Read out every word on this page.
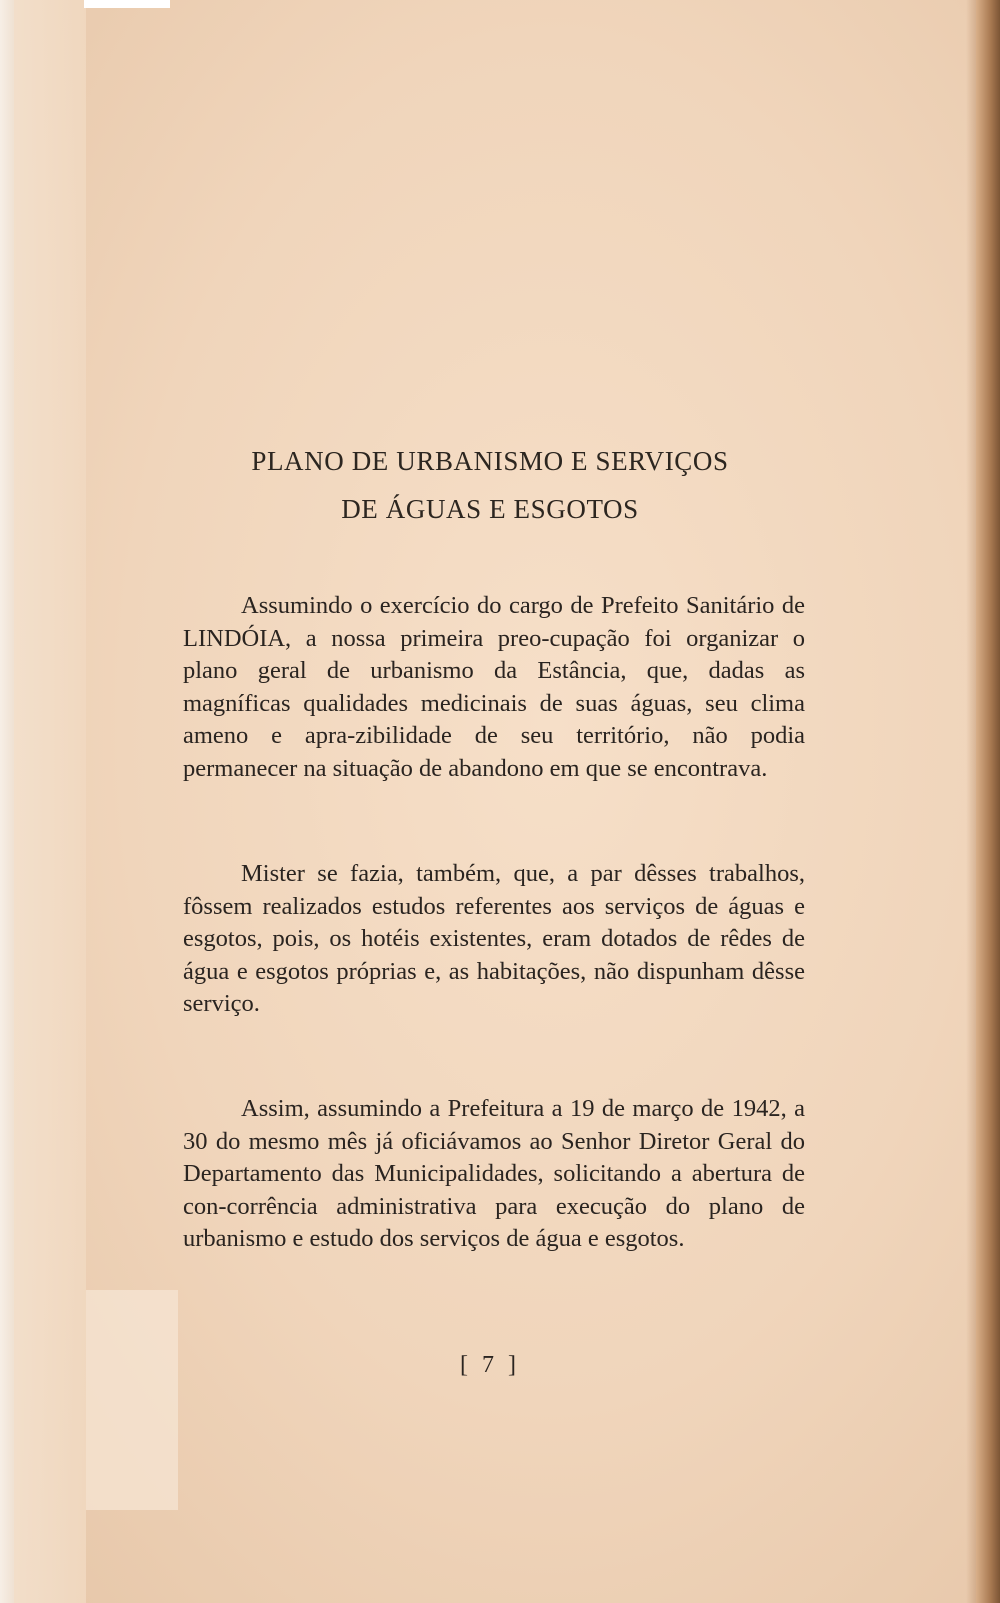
PLANO DE URBANISMO E SERVIÇOS
DE ÁGUAS E ESGOTOS

Assumindo o exercício do cargo de Prefeito Sanitário de LINDÓIA, a nossa primeira preo-cupação foi organizar o plano geral de urbanismo da Estância, que, dadas as magníficas qualidades medicinais de suas águas, seu clima ameno e apra-zibilidade de seu território, não podia permanecer na situação de abandono em que se encontrava.

Mister se fazia, também, que, a par dêsses trabalhos, fôssem realizados estudos referentes aos serviços de águas e esgotos, pois, os hotéis existentes, eram dotados de rêdes de água e esgotos próprias e, as habitações, não dispunham dêsse serviço.

Assim, assumindo a Prefeitura a 19 de março de 1942, a 30 do mesmo mês já oficiávamos ao Senhor Diretor Geral do Departamento das Municipalidades, solicitando a abertura de con-corrência administrativa para execução do plano de urbanismo e estudo dos serviços de água e esgotos.

[ 7 ]
